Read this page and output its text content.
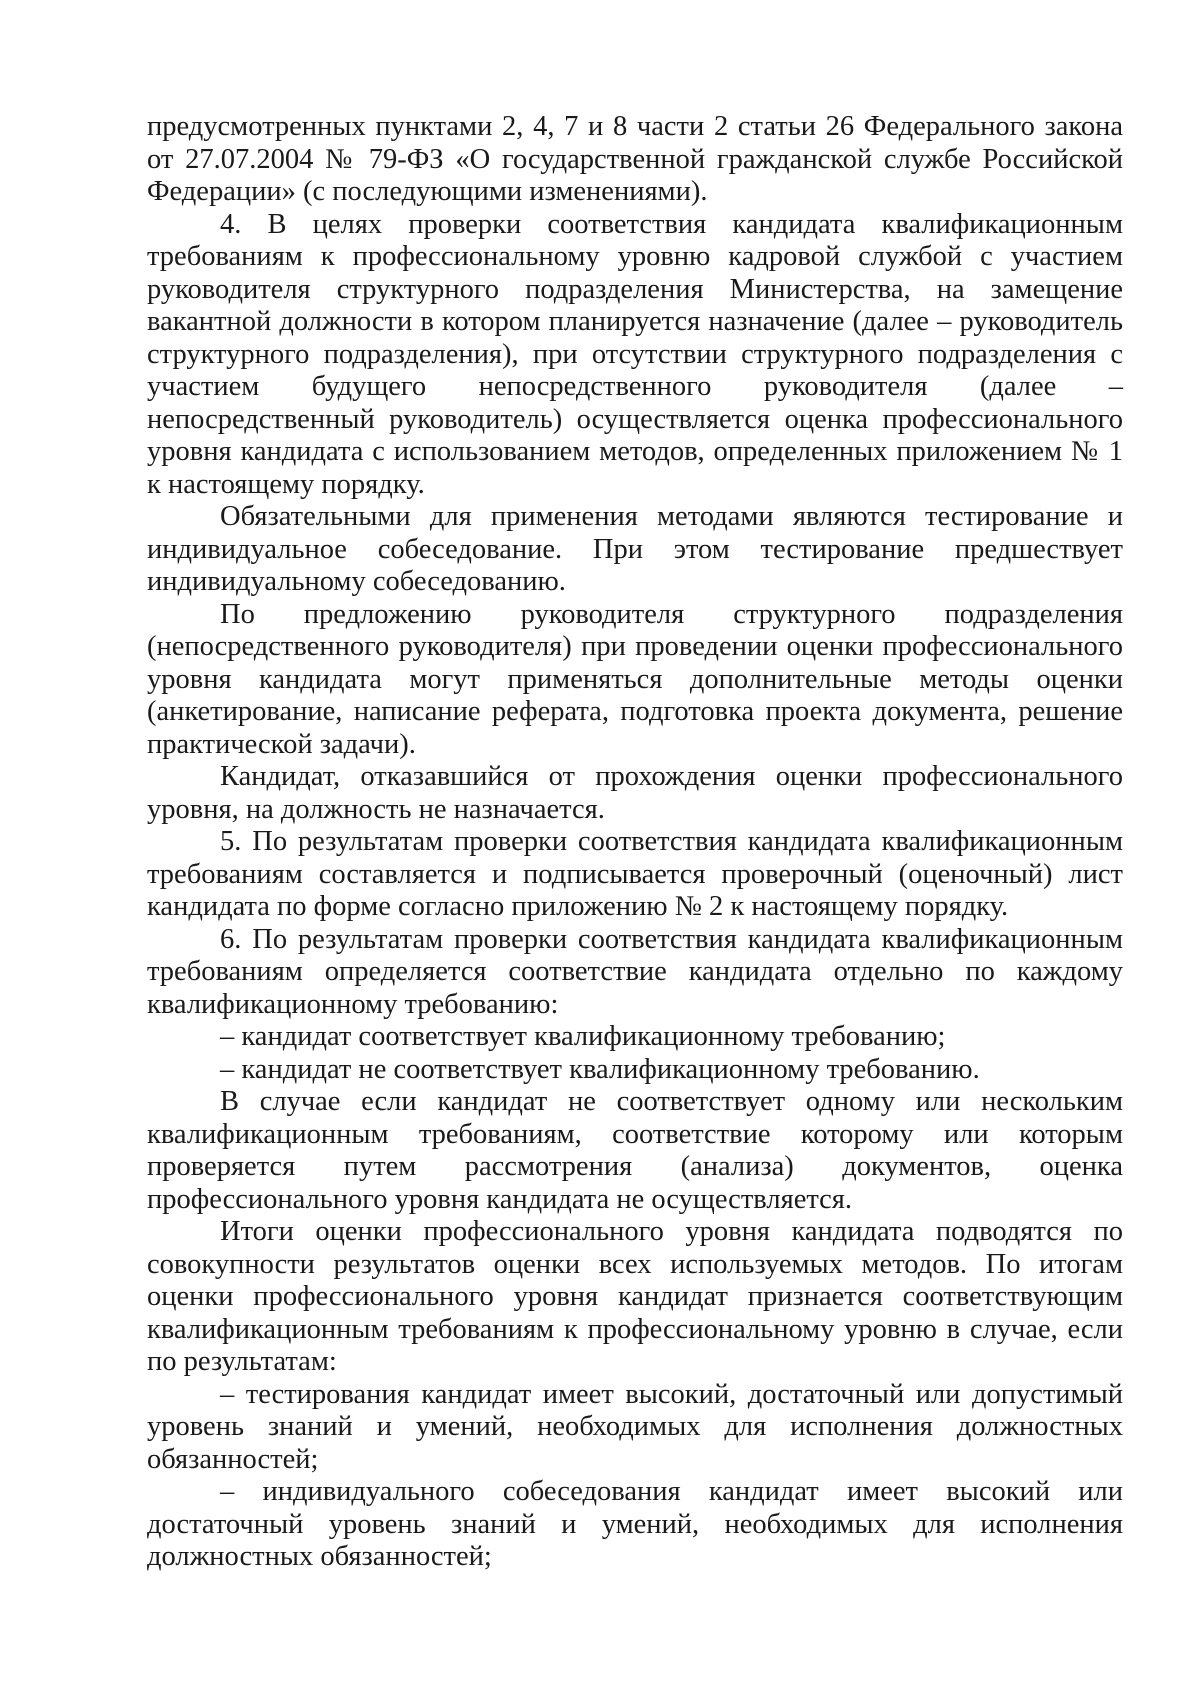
предусмотренных пунктами 2, 4, 7 и 8 части 2 статьи 26 Федерального закона от 27.07.2004 № 79-ФЗ «О государственной гражданской службе Российской Федерации» (с последующими изменениями).

4. В целях проверки соответствия кандидата квалификационным требованиям к профессиональному уровню кадровой службой с участием руководителя структурного подразделения Министерства, на замещение вакантной должности в котором планируется назначение (далее – руководитель структурного подразделения), при отсутствии структурного подразделения с участием будущего непосредственного руководителя (далее – непосредственный руководитель) осуществляется оценка профессионального уровня кандидата с использованием методов, определенных приложением № 1 к настоящему порядку.

Обязательными для применения методами являются тестирование и индивидуальное собеседование. При этом тестирование предшествует индивидуальному собеседованию.

По предложению руководителя структурного подразделения (непосредственного руководителя) при проведении оценки профессионального уровня кандидата могут применяться дополнительные методы оценки (анкетирование, написание реферата, подготовка проекта документа, решение практической задачи).

Кандидат, отказавшийся от прохождения оценки профессионального уровня, на должность не назначается.

5. По результатам проверки соответствия кандидата квалификационным требованиям составляется и подписывается проверочный (оценочный) лист кандидата по форме согласно приложению № 2 к настоящему порядку.

6. По результатам проверки соответствия кандидата квалификационным требованиям определяется соответствие кандидата отдельно по каждому квалификационному требованию:

– кандидат соответствует квалификационному требованию;

– кандидат не соответствует квалификационному требованию.

В случае если кандидат не соответствует одному или нескольким квалификационным требованиям, соответствие которому или которым проверяется путем рассмотрения (анализа) документов, оценка профессионального уровня кандидата не осуществляется.

Итоги оценки профессионального уровня кандидата подводятся по совокупности результатов оценки всех используемых методов. По итогам оценки профессионального уровня кандидат признается соответствующим квалификационным требованиям к профессиональному уровню в случае, если по результатам:

– тестирования кандидат имеет высокий, достаточный или допустимый уровень знаний и умений, необходимых для исполнения должностных обязанностей;

– индивидуального собеседования кандидат имеет высокий или достаточный уровень знаний и умений, необходимых для исполнения должностных обязанностей;
